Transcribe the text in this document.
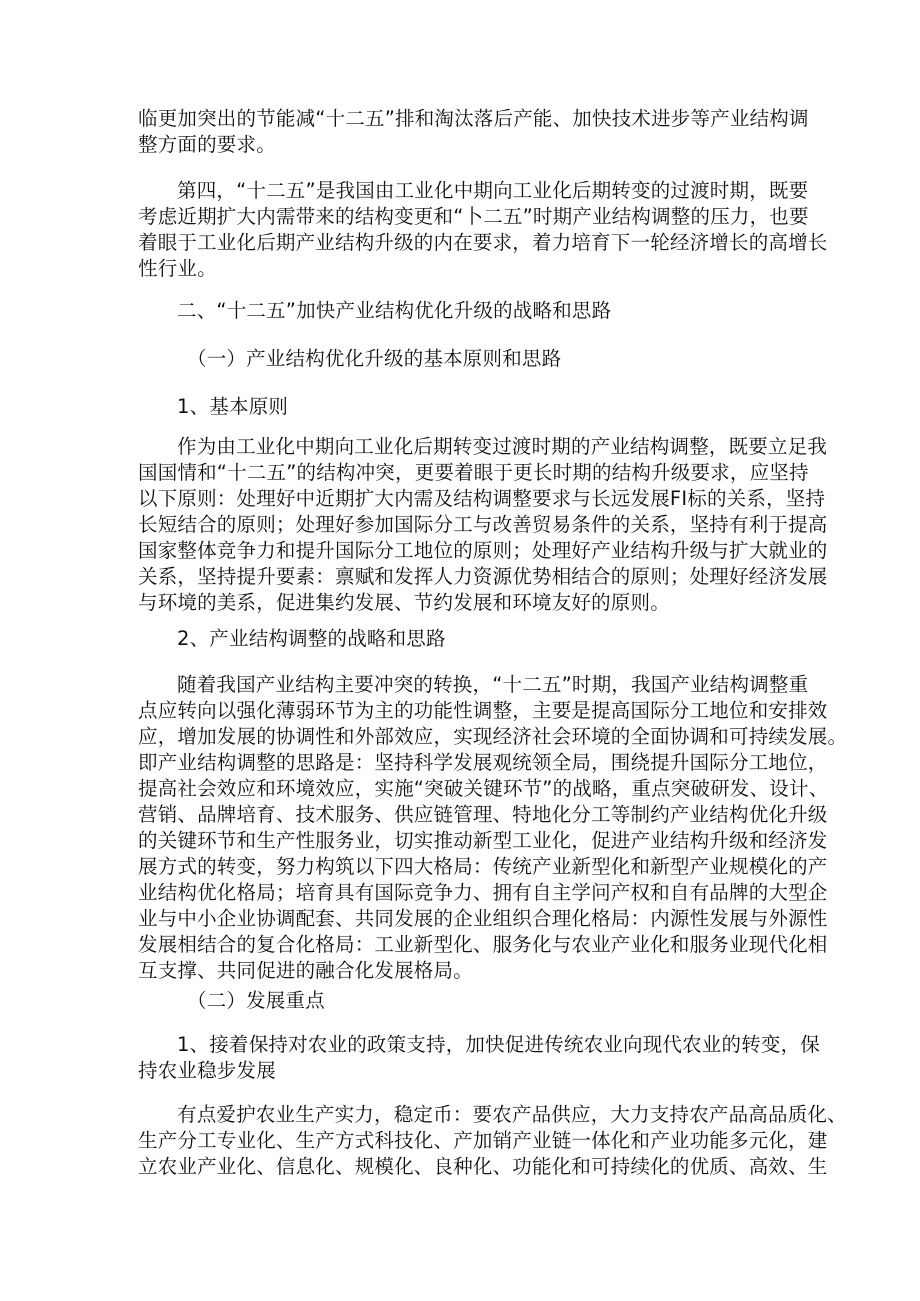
临更加突出的节能减“十二五”排和淘汰落后产能、加快技术进步等产业结构调
整方面的要求。
第四，“十二五”是我国由工业化中期向工业化后期转变的过渡时期，既要
考虑近期扩大内需带来的结构变更和“卜二五”时期产业结构调整的压力，也要
着眼于工业化后期产业结构升级的内在要求，着力培育下一轮经济增长的高增长
性行业。
二、“十二五”加快产业结构优化升级的战略和思路
（一）产业结构优化升级的基本原则和思路
1、基本原则
作为由工业化中期向工业化后期转变过渡时期的产业结构调整，既要立足我
国国情和“十二五”的结构冲突，更要着眼于更长时期的结构升级要求，应坚持
以下原则：处理好中近期扩大内需及结构调整要求与长远发展FI标的关系，坚持
长短结合的原则；处理好参加国际分工与改善贸易条件的关系，坚持有利于提高
国家整体竞争力和提升国际分工地位的原则；处理好产业结构升级与扩大就业的
关系，坚持提升要素：禀赋和发挥人力资源优势相结合的原则；处理好经济发展
与环境的美系，促进集约发展、节约发展和环境友好的原则。
2、产业结构调整的战略和思路
随着我国产业结构主要冲突的转换，“十二五”时期，我国产业结构调整重
点应转向以强化薄弱环节为主的功能性调整，主要是提高国际分工地位和安排效
应，增加发展的协调性和外部效应，实现经济社会环境的全面协调和可持续发展。
即产业结构调整的思路是：坚持科学发展观统领全局，围绕提升国际分工地位，
提高社会效应和环境效应，实施“突破关键环节”的战略，重点突破研发、设计、
营销、品牌培育、技术服务、供应链管理、特地化分工等制约产业结构优化升级
的关键环节和生产性服务业，切实推动新型工业化，促进产业结构升级和经济发
展方式的转变，努力构筑以下四大格局：传统产业新型化和新型产业规模化的产
业结构优化格局；培育具有国际竞争力、拥有自主学问产权和自有品牌的大型企
业与中小企业协调配套、共同发展的企业组织合理化格局：内源性发展与外源性
发展相结合的复合化格局：工业新型化、服务化与农业产业化和服务业现代化相
互支撑、共同促进的融合化发展格局。
（二）发展重点
1、接着保持对农业的政策支持，加快促进传统农业向现代农业的转变，保
持农业稳步发展
有点爱护农业生产实力，稳定币：要农产品供应，大力支持农产品高品质化、
生产分工专业化、生产方式科技化、产加销产业链一体化和产业功能多元化，建
立农业产业化、信息化、规模化、良种化、功能化和可持续化的优质、高效、生
